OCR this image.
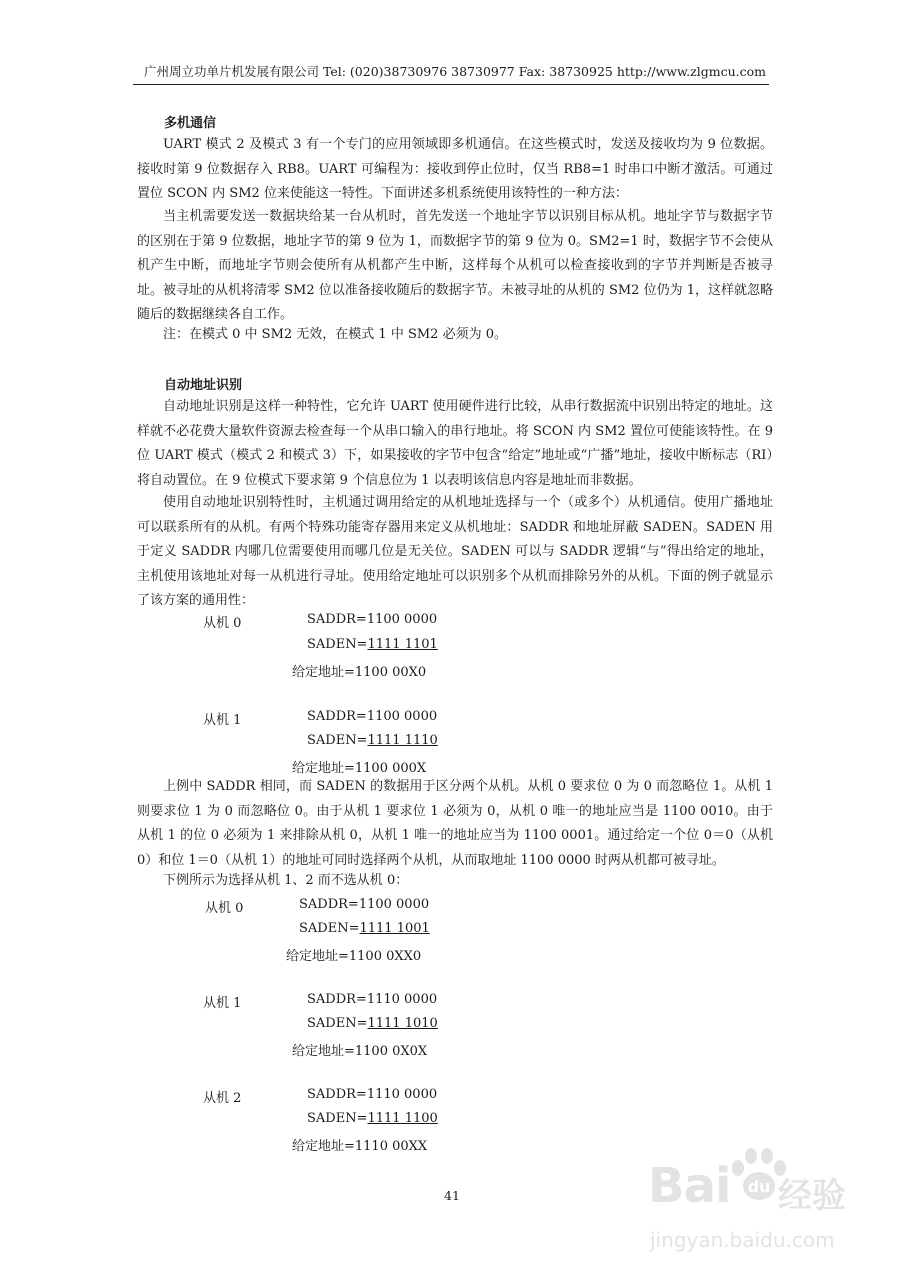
广州周立功单片机发展有限公司 Tel: (020)38730976 38730977 Fax: 38730925 http://www.zlgmcu.com
多机通信

UART 模式 2 及模式 3 有一个专门的应用领域即多机通信。在这些模式时，发送及接收均为 9 位数据。接收时第 9 位数据存入 RB8。UART 可编程为：接收到停止位时，仅当 RB8=1 时串口中断才激活。可通过置位 SCON 内 SM2 位来使能这一特性。下面讲述多机系统使用该特性的一种方法：

当主机需要发送一数据块给某一台从机时，首先发送一个地址字节以识别目标从机。地址字节与数据字节的区别在于第 9 位数据，地址字节的第 9 位为 1，而数据字节的第 9 位为 0。SM2=1 时，数据字节不会使从机产生中断，而地址字节则会使所有从机都产生中断，这样每个从机可以检查接收到的字节并判断是否被寻址。被寻址的从机将清零 SM2 位以准备接收随后的数据字节。未被寻址的从机的 SM2 位仍为 1，这样就忽略随后的数据继续各自工作。

注：在模式 0 中 SM2 无效，在模式 1 中 SM2 必须为 0。

自动地址识别

自动地址识别是这样一种特性，它允许 UART 使用硬件进行比较，从串行数据流中识别出特定的地址。这样就不必花费大量软件资源去检查每一个从串口输入的串行地址。将 SCON 内 SM2 置位可使能该特性。在 9 位 UART 模式（模式 2 和模式 3）下，如果接收的字节中包含“给定”地址或“广播”地址，接收中断标志（RI）将自动置位。在 9 位模式下要求第 9 个信息位为 1 以表明该信息内容是地址而非数据。

使用自动地址识别特性时，主机通过调用给定的从机地址选择与一个（或多个）从机通信。使用广播地址可以联系所有的从机。有两个特殊功能寄存器用来定义从机地址：SADDR 和地址屏蔽 SADEN。SADEN 用于定义 SADDR 内哪几位需要使用而哪几位是无关位。SADEN 可以与 SADDR 逻辑“与”得出给定的地址，主机使用该地址对每一从机进行寻址。使用给定地址可以识别多个从机而排除另外的从机。下面的例子就显示了该方案的通用性：

从机 0	SADDR=1100 0000
SADEN=1111 1101
给定地址=1100 00X0
从机 1	SADDR=1100 0000
SADEN=1111 1110
给定地址=1100 000X

上例中 SADDR 相同，而 SADEN 的数据用于区分两个从机。从机 0 要求位 0 为 0 而忽略位 1。从机 1 则要求位 1 为 0 而忽略位 0。由于从机 1 要求位 1 必须为 0，从机 0 唯一的地址应当是 1100 0010。由于从机 1 的位 0 必须为 1 来排除从机 0，从机 1 唯一的地址应当为 1100 0001。通过给定一个位 0＝0（从机 0）和位 1＝0（从机 1）的地址可同时选择两个从机，从而取地址 1100 0000 时两从机都可被寻址。

下例所示为选择从机 1、2 而不选从机 0：

从机 0	SADDR=1100 0000
SADEN=1111 1001
给定地址=1100 0XX0
从机 1	SADDR=1110 0000
SADEN=1111 1010
给定地址=1100 0X0X
从机 2	SADDR=1110 0000
SADEN=1111 1100
给定地址=1110 00XX
41	Bai du 经验
jingyan.baidu.com
